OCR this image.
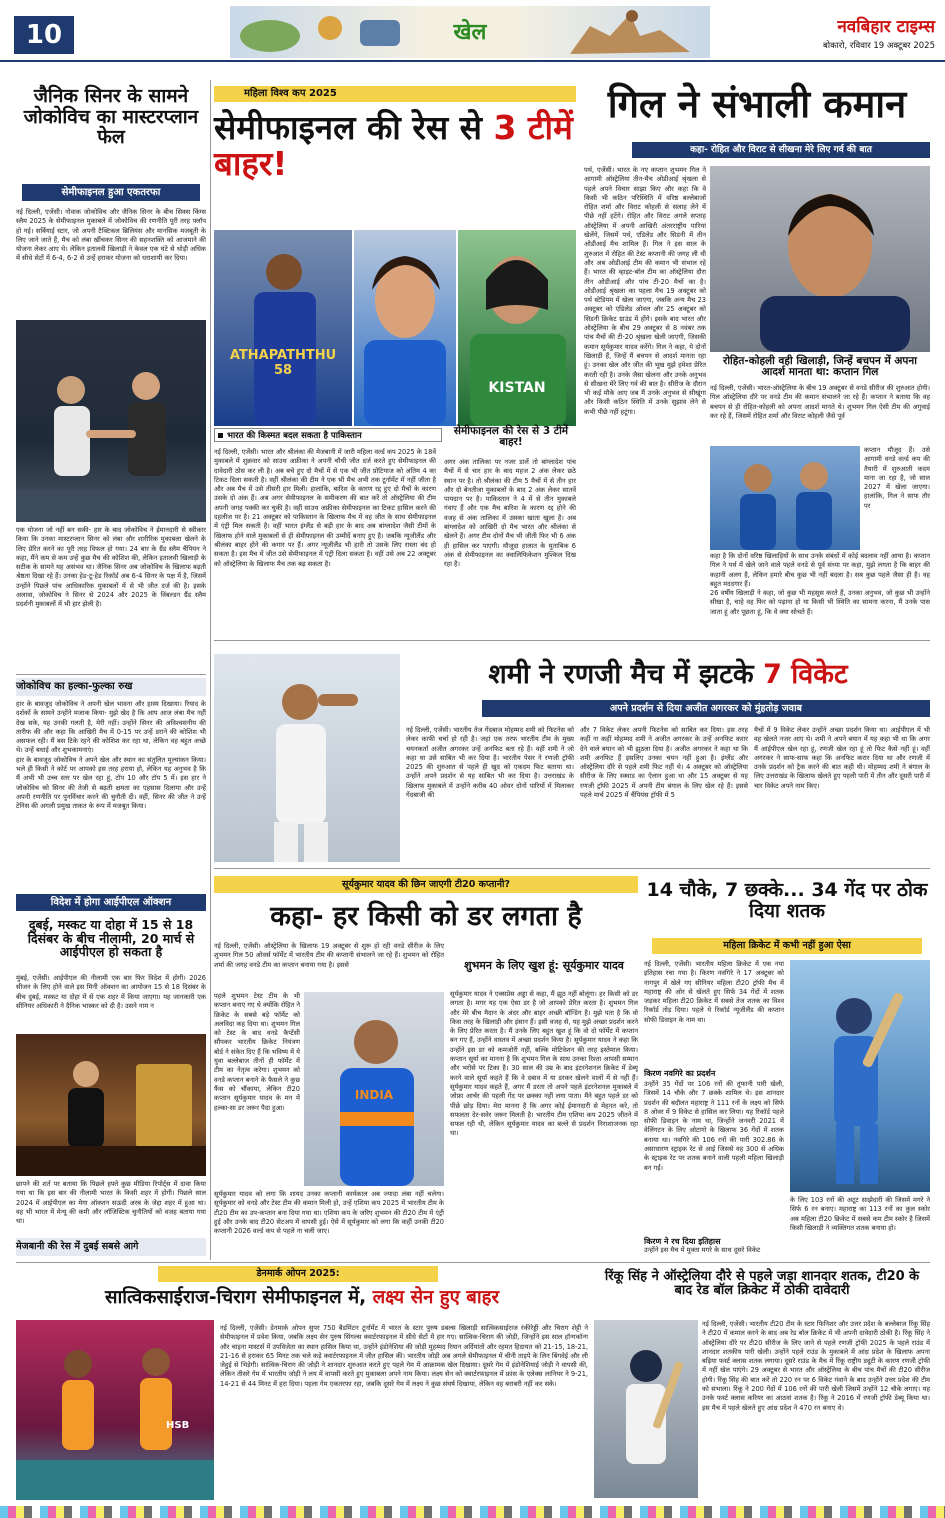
10	खेल	नवबिहार टाइम्स
बोकारो, रविवार 19 अक्टूबर 2025
जैनिक सिनर के सामने जोकोविच का मास्टरप्लान फेल
सेमीफाइनल हुआ एकतरफा
नई दिल्ली, एजेंसी। नोवाक जोकोविच और जैनिक सिनर के बीच सिक्स किंग्स स्लैम 2025 के सेमीफाइनल मुकाबले में जोकोविच की रणनीति पूरी तरह फ्लॉप हो गई। सर्बियाई स्टार, जो अपनी टैक्टिकल ब्रिलियंस और मानसिक मजबूती के लिए जाने जाते हैं, मैच को लंबा खींचकर सिनर की सहनशक्ति को आजमाने की योजना लेकर आए थे। लेकिन इतालवी खिलाड़ी ने केवल एक घंटे से थोड़ी अधिक में सीधे सेटों में 6-4, 6-2 से उन्हें हराकर योजना को धराशायी कर दिया।
एक योजना जो नहीं बन सकी- हार के बाद जोकोविच ने ईमानदारी से स्वीकार किया कि उनका मास्टरप्लान सिनर को लंबा और शारीरिक मुकाबला खेलने के लिए प्रेरित करने का पूरी तरह विफल हो गया। 24 बार के ग्रैंड स्लैम चैंपियन ने कहा, मैंने कम से कम उन्हें कुछ मैच की कोशिश की, लेकिन इतालवी खिलाड़ी के सटीक के सामने यह असंभव था। जैनिक सिनर अब जोकोविच के खिलाफ बढ़ती श्रेष्ठता दिखा रहे हैं। उनका हेड-टू-हेड रिकॉर्ड अब 6-4 सिनर के पक्ष में है, जिसमें उन्होंने पिछले पांच आधिकारिक मुकाबलों में से भी जीत दर्ज की है। इसके अलावा, जोकोविच ने सिनर से 2024 और 2025 के विंबल्डन ग्रैंड स्लैम प्रदर्शनी मुकाबलों में भी हार झेली है।
जोकोविच का हल्का-फुल्का रुख
हार के बावजूद जोकोविच ने अपनी खेल भावना और हास्य दिखाया। रियाद के दर्शकों के सामने उन्होंने मजाक किया- मुझे खेद है कि आप आज लंबा मैच नहीं देख सके, यह उनकी गलती है, मेरी नहीं। उन्होंने सिनर की अविश्वसनीय की तारीफ की और कहा कि आखिरी मैच में 0-15 पर उन्हें डराने की कोशिश भी असफल रही। मैं बस टिके रहने की कोशिश कर रहा था, लेकिन वह बहुत अच्छे थे। उन्हें बधाई और शुभकामनाएं।
हार के बावजूद जोकोविच ने अपने खेल और स्थान का संतुलित मूल्यांकन किया। भले ही किसी ने कोर्ट पर आपको इस तरह हराया हो, लेकिन यह अनुभव है कि मैं अभी भी उच्च स्तर पर खेल रहा हूं, टॉप 10 और टॉप 5 में। इस हार ने जोकोविच को सिनर की तेजी से बढ़ती क्षमता का एहसास दिलाया और उन्हें अपनी रणनीति पर पुनर्विचार करने की चुनौती दी। वहीं, सिनर की जीत ने उन्हें टेनिस की अगली प्रमुख ताकत के रूप में मजबूत किया।
विदेश में होगा आईपीएल ऑक्शन
दुबई, मस्कट या दोहा में 15 से 18 दिसंबर के बीच नीलामी, 20 मार्च से आईपीएल हो सकता है
मुंबई, एजेंसी। आईपीएल की नीलामी एक बार फिर विदेश में होगी। 2026 सीजन के लिए होने वाले इस मिनी ऑक्शन का आयोजन 15 से 18 दिसंबर के बीच दुबई, मस्कट या दोहा में से एक शहर में किया जाएगा। यह जानकारी एक सीनियर अधिकारी ने दैनिक भास्कर को दी है। उसने नाम न
छापने की शर्त पर बताया कि पिछले हफ्ते कुछ मीडिया रिपोर्ट्स में दावा किया गया था कि इस बार की नीलामी भारत के किसी शहर में होगी। पिछले साल 2024 में आईपीएल का मेगा ऑक्शन सऊदी अरब के जेद्दा शहर में हुआ था। वह भी भारत में मेन्यू की कमी और लॉजिस्टिक चुनौतियों को वजह बताया गया था।
मेजबानी की रेस में दुबई सबसे आगे
महिला विश्व कप 2025
सेमीफाइनल की रेस से 3 टीमें बाहर!
ATHAPATHTHU 58
KISTAN
भारत की किस्मत बदल सकता है पाकिस्तान	सेमीफाइनल की रेस से 3 टीमें बाहर!
नई दिल्ली, एजेंसी। भारत और श्रीलंका की मेजबानी में जारी महिला वर्ल्ड कप 2025 के 18वें मुकाबले में शुक्रवार को साउथ अफ्रीका ने अपनी चौथी जीत दर्ज करते हुए सेमीफाइनल की दावेदारी ठोस कर ली है। अब बचे हुए दो मैचों में से एक भी जीत प्रोटियाज को अंतिम 4 का टिकट दिला सकती है। वहीं श्रीलंका की टीम ने एक भी मैच अभी तक टूर्नामेंट में नहीं जीता है और अब मैच में उसे तीसरी हार मिली। हालांकि, बारिश के कारण रद्द हुए दो मैचों के कारण उसके दो अंक हैं। अब अगर सेमीफाइनल के समीकरण की बात करें तो ऑस्ट्रेलिया की टीम अपनी जगह पक्की कर चुकी है। वहीं साउथ अफ्रीका सेमीफाइनल का टिकट हासिल करने की दहलीज पर है। 21 अक्टूबर को पाकिस्तान के खिलाफ मैच में वह जीत के साथ सेमीफाइनल में एंट्री मिल सकती है। वहीं भारत इंग्लैंड से बड़ी हार के बाद अब बांग्लादेश जैसी टीमों के खिलाफ होने वाले मुकाबलों से ही सेमीफाइनल की उम्मीदें बनाए हुए है। जबकि न्यूजीलैंड और श्रीलंका बाहर होने की कगार पर हैं। अगर न्यूजीलैंड भी हारी तो उसके लिए रास्ता बंद हो सकता है। इस मैच में जीत उसे सेमीफाइनल में एंट्री दिला सकता है। वहीं उसे अब 22 अक्टूबर को ऑस्ट्रेलिया के खिलाफ मैच तक बढ़ सकता है।
अगर अंक तालिका पर नजर डालें तो बांग्लादेश पांच मैचों में से चार हार के बाद महज 2 अंक लेकर छठे स्थान पर है। तो श्रीलंका की टीम 5 मैचों में से तीन हार और दो बेनतीजा मुकाबलों के बाद 2 अंक लेकर सातवें पायदान पर है। पाकिस्तान ने 4 में से तीन मुकाबले गंवाए हैं और एक मैच बारिश के कारण रद्द होने की वजह से अंक तालिका में उसका खाता खुला है। अब बांग्लादेश को आखिरी दो मैच भारत और श्रीलंका से खेलने हैं। अगर टीम दोनों मैच भी जीती फिर भी 6 अंक ही हासिल कर पाएगी। मौजूदा हालात के मुताबिक 6 अंक से सेमीफाइनल का क्वालिफिकेशन मुश्किल दिख रहा है।
गिल ने संभाली कमान
कहा- रोहित और विराट से सीखना मेरे लिए गर्व की बात
पर्थ, एजेंसी। भारत के नए कप्तान शुभमन गिल ने आगामी ऑस्ट्रेलिया तीन-मैच ओडीआई श्रृंखला से पहले अपने विचार साझा किए और कहा कि वे किसी भी कठिन परिस्थिति में वरिष्ठ बल्लेबाजों रोहित शर्मा और विराट कोहली से सलाह लेने में पीछे नहीं हटेंगे। रोहित और विराट अगले सप्ताह ऑस्ट्रेलिया में अपनी आखिरी अंतरराष्ट्रीय पारियां खेलेंगे, जिसमें पर्थ, एडिलेड और सिडनी में तीन ओडीआई मैच शामिल हैं। गिल ने इस साल के शुरुआत में रोहित की टेस्ट कप्तानी की जगह ली थी और अब ओडीआई टीम की कमान भी संभाल रहे हैं। भारत की व्हाइट-बॉल टीम का ऑस्ट्रेलिया दौरा तीन ओडीआई और पांच टी-20 मैचों का है। ओडीआई श्रृंखला का पहला मैच 19 अक्टूबर को पर्थ स्टेडियम में खेला जाएगा, जबकि अन्य मैच 23 अक्टूबर को एडिलेड ओवल और 25 अक्टूबर को सिडनी क्रिकेट ग्राउंड में होंगे। इसके बाद भारत और ऑस्ट्रेलिया के बीच 29 अक्टूबर से 8 नवंबर तक पांच मैचों की टी-20 श्रृंखला खेली जाएगी, जिसकी कमान सूर्यकुमार यादव करेंगे। गिल ने कहा, ये दोनों खिलाड़ी हैं, जिन्हें मैं बचपन से आदर्श मानता रहा हूं। उनका खेल और जीत की भूख मुझे हमेशा प्रेरित करती रही है। उनके जैसा खेलना और उनके अनुभव से सीखना मेरे लिए गर्व की बात है। सीरीज के दौरान भी कई मौके आए जब मैं उनके अनुभव से सीखूंगा और किसी कठिन स्थिति में उनके सुझाव लेने से कभी पीछे नहीं हटूंगा।
रोहित-कोहली वही खिलाड़ी, जिन्हें बचपन में अपना आदर्श मानता था: कप्तान गिल
नई दिल्ली, एजेंसी। भारत-ऑस्ट्रेलिया के बीच 19 अक्टूबर से वनडे सीरीज की शुरुआत होगी। गिल ऑस्ट्रेलिया दौरे पर वनडे टीम की कमान संभालने जा रहे हैं। कप्तान ने बताया कि वह बचपन से ही रोहित-कोहली को अपना आदर्श मानते थे। शुभमन गिल ऐसी टीम की अगुवाई कर रहे हैं, जिसमें रोहित शर्मा और विराट कोहली जैसे पूर्व
कप्तान मौजूद हैं। उसे आगामी वनडे वर्ल्ड कप की तैयारी में शुरुआती कदम माना जा रहा है, जो साल 2027 में खेला जाएगा। हालांकि, गिल ने साफ तौर पर
कहा है कि दोनों वरिष्ठ खिलाड़ियों के साथ उनके संबंधों में कोई बदलाव नहीं आया है। कप्तान गिल ने पर्थ में खेले जाने वाले पहले वनडे से पूर्व संध्या पर कहा, मुझे लगता है कि बाहर की कहानी अलग है, लेकिन हमारे बीच कुछ भी नहीं बदला है। सब कुछ पहले जैसा ही है। वह बहुत मददगार हैं।
26 वर्षीय खिलाड़ी ने कहा, जो कुछ भी महसूस करते हैं, उनका अनुभव, जो कुछ भी उन्होंने सीखा है, चाहे वह फिर को पढ़ाना हो या किसी भी स्थिति का सामना करना, मैं उनके पास जाता हूं और पूछता हूं, कि वे क्या सोचते हैं।
शमी ने रणजी मैच में झटके 7 विकेट
अपने प्रदर्शन से दिया अजीत अगरकर को मुंहतोड़ जवाब
नई दिल्ली, एजेंसी। भारतीय तेज गेंदबाज मोहम्मद शमी को फिटनेस को लेकर काफी चर्चा हो रही है। जहां एक तरफ भारतीय टीम के मुख्य चयनकर्ता अजीत अगरकर उन्हें अनफिट बता रहे हैं। वहीं शमी ने जो कहा था उसे साबित भी कर दिया है। भारतीय पेसर ने रणजी ट्रॉफी 2025 की शुरुआत से पहले ही खुद को एकदम फिट बताया था। उन्होंने अपने प्रदर्शन से यह साबित भी कर दिया है। उत्तराखंड के खिलाफ मुकाबले में उन्होंने करीब 40 ओवर दोनों पारियों में मिलाकर गेंदबाजी की
और 7 विकेट लेकर अपनी फिटनेस को साबित कर दिया। इस तरह कहीं ना कहीं मोहम्मद शमी ने अजीत अगरकर के उन्हें अनफिट करार देने वाले बयान को भी झुठला दिया है। अजीत अगरकर ने कहा था कि शमी अनफिट हैं इसलिए उनका चयन नहीं हुआ है। इंग्लैंड और ऑस्ट्रेलिया दौरे से पहले शमी फिट नहीं थे। 4 अक्टूबर को ऑस्ट्रेलिया सीरीज के लिए स्क्वाड का ऐलान हुआ था और 15 अक्टूबर से यह रणजी ट्रॉफी 2025 में अपनी टीम बंगाल के लिए खेल रहे हैं। इससे पहले मार्च 2025 में चैंपियंस ट्रॉफी में 5
मैचों में 9 विकेट लेकर उन्होंने अच्छा प्रदर्शन किया था। आईपीएल में भी वह खेलते नजर आए थे। शमी ने अपने बयान में यह कहा भी था कि अगर मैं आईपीएल खेल रहा हूं, रणजी खेल रहा हूं तो फिट कैसे नहीं हूं। वहीं अगरकर ने साफ-साफ कहा कि अनफिट करार दिया था और रणजी में उनके प्रदर्शन को ट्रैक करने की बात कही थी। मोहम्मद शमी ने बंगाल के लिए उत्तराखंड के खिलाफ खेलते हुए पहली पारी में तीन और दूसरी पारी में चार विकेट अपने नाम किए।
सूर्यकुमार यादव की छिन जाएगी टी20 कप्तानी?
कहा- हर किसी को डर लगता है
नई दिल्ली, एजेंसी। ऑस्ट्रेलिया के खिलाफ 19 अक्टूबर से शुरू हो रही वनडे सीरीज के लिए शुभमन गिल 50 ओवर्स फॉर्मेट में भारतीय टीम की कप्तानी संभालने जा रहे हैं। शुभमन को रोहित शर्मा की जगह वनडे टीम का कप्तान बनाया गया है। इससे
पहले शुभमन टेस्ट टीम के भी कप्तान बनाए गए थे क्योंकि रोहित ने क्रिकेट के सबसे बड़े फॉर्मेट को अलविदा कह दिया था। शुभमन गिल को टेस्ट के बाद वनडे कैप्टेंसी सौंपकर भारतीय क्रिकेट नियंत्रण बोर्ड ने संकेत दिए हैं कि भविष्य में ये युवा बल्लेबाज तीनों ही फॉर्मेट में टीम का नेतृत्व करेगा। शुभमन को वनडे कप्तान बनाने के फैसले ने कुछ फैंस को चौंकाया, लेकिन टी20 कप्तान सूर्यकुमार यादव के मन में हल्का-सा डर जरूर पैदा हुआ।
INDIA
सूर्यकुमार यादव को लगा कि शायद उनका कप्तानी कार्यकाल अब ज्यादा लंबा नहीं चलेगा। सूर्यकुमार को वनडे और टेस्ट टीम की कमान मिली हो, उन्हें एशिया कप 2025 में भारतीय टीम के टी20 टीम का उप-कप्तान बना दिया गया था। एशिया कप के जरिए शुभमन की टी20 टीम में एंट्री हुई और उनके बाद टी20 सेटअप में वापसी हुई। ऐसे में सूर्यकुमार को लगा कि कहीं उनकी टी20 कप्तानी 2026 वर्ल्ड कप से पहले ना चली जाए।
शुभमन के लिए खुश हूं: सूर्यकुमार यादव
सूर्यकुमार यादव ने एक्सप्रेस अड्डा से कहा, मैं झूठ नहीं बोलूंगा। हर किसी को डर लगता है। मगर यह एक ऐसा डर है जो आपको प्रेरित करता है। शुभमन गिल और मेरे बीच मैदान के अंदर और बाहर अच्छी बॉन्डिंग है। मुझे पता है कि वो किस तरह के खिलाड़ी और इंसान हैं। इसी वजह से, यह मुझे अच्छा प्रदर्शन करने के लिए प्रेरित करता है। मैं उनके लिए बहुत खुश हूं कि वो दो फॉर्मेट में कप्तान बन गए हैं, उन्होंने वास्तव में अच्छा प्रदर्शन किया है। सूर्यकुमार यादव ने कहा कि उन्होंने इस डर को कमजोरी नहीं, बल्कि मोटिवेशन की तरह इस्तेमाल किया। कप्तान सूर्या का मानना है कि शुभमन गिल के साथ उनका रिश्ता आपसी सम्मान और भरोसे पर टिका है। 30 साल की उम्र के बाद इंटरनेशनल क्रिकेट में डेब्यू करने वाले सूर्या कहते हैं कि वे दबाव में या डरकर खेलने वालों में से नहीं हैं। सूर्यकुमार यादव कहते हैं, अगर मैं डरता तो अपने पहले इंटरनेशनल मुकाबले में जोफ्रा आर्चर की पहली गेंद पर छक्का नहीं लगा पाता। मैंने बहुत पहले डर को पीछे छोड़ दिया। मेरा मानना है कि अगर कोई ईमानदारी से मेहनत करे, तो सफलता देर-सवेर जरूर मिलती है। भारतीय टीम एशिया कप 2025 जीतने में सफल रही थी, लेकिन सूर्यकुमार यादव का बल्ले से प्रदर्शन निराशाजनक रहा था।
14 चौके, 7 छक्के... 34 गेंद पर ठोक दिया शतक
महिला क्रिकेट में कभी नहीं हुआ ऐसा
नई दिल्ली, एजेंसी। भारतीय महिला क्रिकेट में एक नया इतिहास रचा गया है। किरण नवगिरे ने 17 अक्टूबर को नागपुर में खेले गए सीनियर महिला टी20 ट्रॉफी मैच में महाराष्ट्र की ओर से खेलते हुए सिर्फ 34 गेंदों में शतक जड़कर महिला टी20 क्रिकेट में सबसे तेज शतक का विश्व रिकॉर्ड तोड़ दिया। पहले ये रिकॉर्ड न्यूजीलैंड की कप्तान सोफी डिवाइन के नाम था।
किरण नवगिरे का प्रदर्शन
उन्होंने 35 गेंदों पर 106 रनों की तूफानी पारी खेली, जिसमें 14 चौके और 7 छक्के शामिल थे। इस शानदार प्रदर्शन की बदौलत महाराष्ट्र ने 111 रनों के लक्ष्य को सिर्फ 8 ओवर में 9 विकेट से हासिल कर लिया। यह रिकॉर्ड पहले सोफी डिवाइन के नाम था, जिन्होंने जनवरी 2021 में वेलिंगटन के लिए ओटागो के खिलाफ 36 गेंदों में शतक बनाया था। नवगिरे की 106 रनों की पारी 302.86 के असाधारण स्ट्राइक रेट से आई जिससे वह 300 से अधिक के स्ट्राइक रेट पर शतक बनाने वाली पहली महिला खिलाड़ी बन गईं।
किरण ने रच दिया इतिहास
उन्होंने इस मैच में मुक्ता मगरे के साथ दूसरे विकेट
के लिए 103 रनों की अटूट साझेदारी की जिसमें मगरे ने सिर्फ 6 रन बनाए। महाराष्ट्र का 113 रनों का कुल स्कोर अब महिला टी20 क्रिकेट में सबसे कम टीम स्कोर है जिसमें किसी खिलाड़ी ने व्यक्तिगत शतक बनाया हो।
डेनमार्क ओपन 2025:
सात्विकसाईराज-चिराग सेमीफाइनल में, लक्ष्य सेन हुए बाहर
HSB
नई दिल्ली, एजेंसी। डेनमार्क ओपन सुपर 750 बैडमिंटन टूर्नामेंट में भारत के स्टार पुरुष डबल्स खिलाड़ी सात्विकसाईराज रंकीरेड्डी और चिराग शेट्टी ने सेमीफाइनल में प्रवेश किया, जबकि लक्ष्य सेन पुरुष सिंगल्स क्वार्टरफाइनल में सीधे सेटों में हार गए। सात्विक-चिराग की जोड़ी, जिन्होंने इस साल हॉन्गकॉन्ग और चाइना मास्टर्स में उपविजेता का स्थान हासिल किया था, उन्होंने इंडोनेशिया की जोड़ी मुहम्मद रियान अर्दियांतो और रहमत हिदायत को 21-15, 18-21, 21-16 से हराकर 65 मिनट तक चले कड़े क्वार्टरफाइनल में जीत हासिल की। भारतीय जोड़ी अब अगले सेमीफाइनल में चीनी ताइपे के लिन बिंगवेई और ली जेहुई से भिड़ेगी। सात्विक-चिराग की जोड़ी ने शानदार शुरुआत करते हुए पहले गेम में आक्रामक खेल दिखाया। दूसरे गेम में इंडोनेशियाई जोड़ी ने वापसी की, लेकिन तीसरे गेम में भारतीय जोड़ी ने लय में वापसी करते हुए मुकाबला अपने नाम किया। लक्ष्य सेन को क्वार्टरफाइनल में फ्रांस के एलेक्स लानियर ने 9-21, 14-21 से 44 मिनट में हरा दिया। पहला गेम एकतरफा रहा, जबकि दूसरे गेम में लक्ष्य ने कुछ संघर्ष दिखाया, लेकिन वह बराबरी नहीं कर सके।
रिंकू सिंह ने ऑस्ट्रेलिया दौरे से पहले जड़ा शानदार शतक, टी20 के बाद रेड बॉल क्रिकेट में ठोकी दावेदारी
नई दिल्ली, एजेंसी। भारतीय टी20 टीम के स्टार फिनिशर और उत्तर प्रदेश के बल्लेबाज रिंकू सिंह ने टी20 में कमाल करने के बाद अब रेड बॉल क्रिकेट में भी अपनी दावेदारी ठोकी है। रिंकू सिंह ने ऑस्ट्रेलिया दौरे पर टी20 सीरीज के लिए जाने से पहले रणजी ट्रॉफी 2025 के पहले राउंड में शानदार शतकीय पारी खेली। उन्होंने पहले राउंड के मुकाबले में आंध्र प्रदेश के खिलाफ अपना बढ़िया फर्स्ट क्लास शतक लगाया। दूसरे राउंड के मैच में रिंकू राष्ट्रीय ड्यूटी के कारण रणजी ट्रॉफी में नहीं खेल पाएंगे। 29 अक्टूबर से भारत और ऑस्ट्रेलिया के बीच पांच मैचों की टी20 सीरीज होगी। रिंकू सिंह की बात करें तो 220 रन पर 6 विकेट गंवाने के बाद उन्होंने उत्तर प्रदेश की टीम को संभाला। रिंकू ने 200 गेंदों में 106 रनों की पारी खेली जिसमें उन्होंने 12 चौके लगाए। यह उनके फर्स्ट क्लास करियर का आठवां शतक है। रिंकू ने 2016 में रणजी ट्रॉफी डेब्यू किया था। इस मैच में पहले खेलते हुए आंध्र प्रदेश ने 470 रन बनाए थे।
